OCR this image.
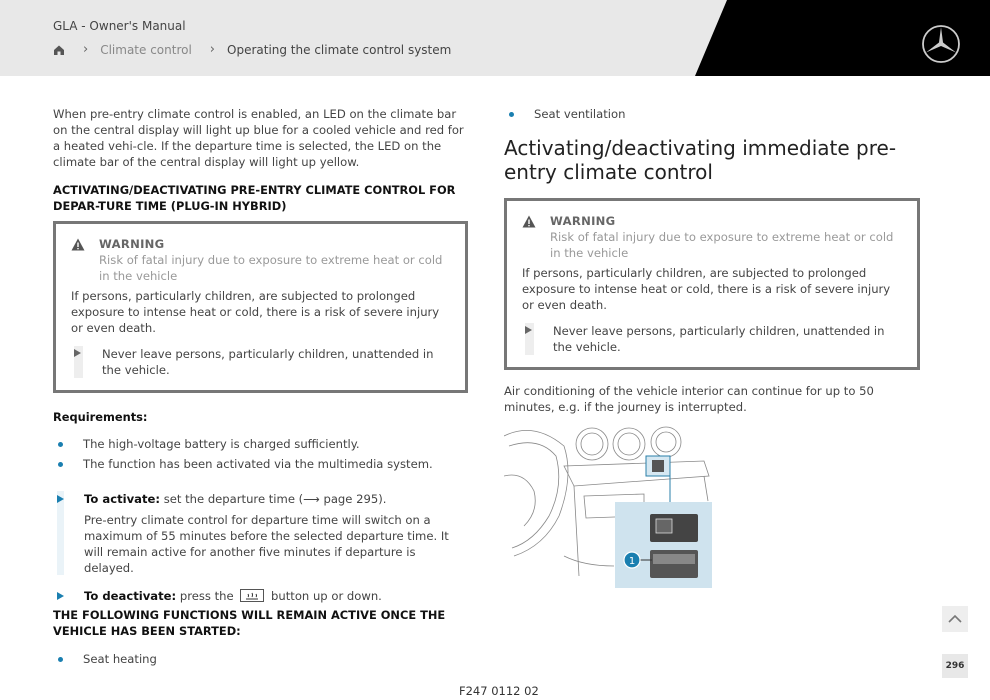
GLA - Owner's Manual
› Climate control › Operating the climate control system

When pre-entry climate control is enabled, an LED on the climate bar on the central display will light up blue for a cooled vehicle and red for a heated vehi-cle. If the departure time is selected, the LED on the climate bar of the central display will light up yellow.

ACTIVATING/DEACTIVATING PRE-ENTRY CLIMATE CONTROL FOR DEPAR-TURE TIME (PLUG-IN HYBRID)

WARNING
Risk of fatal injury due to exposure to extreme heat or cold in the vehicle

If persons, particularly children, are subjected to prolonged exposure to intense heat or cold, there is a risk of severe injury or even death.

Never leave persons, particularly children, unattended in the vehicle.

Requirements:

The high-voltage battery is charged sufficiently.
The function has been activated via the multimedia system.

To activate: set the departure time (⟶ page 295).

Pre-entry climate control for departure time will switch on a maximum of 55 minutes before the selected departure time. It will remain active for another five minutes if departure is delayed.

To deactivate: press the	button up or down.

THE FOLLOWING FUNCTIONS WILL REMAIN ACTIVE ONCE THE VEHICLE HAS BEEN STARTED:

Seat heating
Seat ventilation
Activating/deactivating immediate pre-entry climate control
WARNING
Risk of fatal injury due to exposure to extreme heat or cold in the vehicle

If persons, particularly children, are subjected to prolonged exposure to intense heat or cold, there is a risk of severe injury or even death.

Never leave persons, particularly children, unattended in the vehicle.

Air conditioning of the vehicle interior can continue for up to 50 minutes, e.g. if the journey is interrupted.

1
F247 0112 02
296
